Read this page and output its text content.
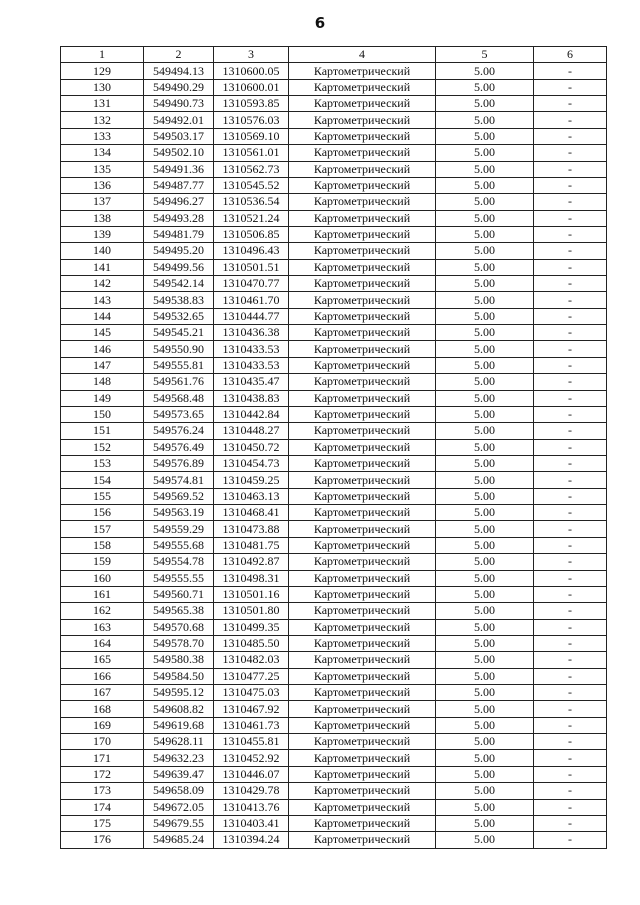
6
1	2	3	4	5	6
129	549494.13	1310600.05	Картометрический	5.00	-
130	549490.29	1310600.01	Картометрический	5.00	-
131	549490.73	1310593.85	Картометрический	5.00	-
132	549492.01	1310576.03	Картометрический	5.00	-
133	549503.17	1310569.10	Картометрический	5.00	-
134	549502.10	1310561.01	Картометрический	5.00	-
135	549491.36	1310562.73	Картометрический	5.00	-
136	549487.77	1310545.52	Картометрический	5.00	-
137	549496.27	1310536.54	Картометрический	5.00	-
138	549493.28	1310521.24	Картометрический	5.00	-
139	549481.79	1310506.85	Картометрический	5.00	-
140	549495.20	1310496.43	Картометрический	5.00	-
141	549499.56	1310501.51	Картометрический	5.00	-
142	549542.14	1310470.77	Картометрический	5.00	-
143	549538.83	1310461.70	Картометрический	5.00	-
144	549532.65	1310444.77	Картометрический	5.00	-
145	549545.21	1310436.38	Картометрический	5.00	-
146	549550.90	1310433.53	Картометрический	5.00	-
147	549555.81	1310433.53	Картометрический	5.00	-
148	549561.76	1310435.47	Картометрический	5.00	-
149	549568.48	1310438.83	Картометрический	5.00	-
150	549573.65	1310442.84	Картометрический	5.00	-
151	549576.24	1310448.27	Картометрический	5.00	-
152	549576.49	1310450.72	Картометрический	5.00	-
153	549576.89	1310454.73	Картометрический	5.00	-
154	549574.81	1310459.25	Картометрический	5.00	-
155	549569.52	1310463.13	Картометрический	5.00	-
156	549563.19	1310468.41	Картометрический	5.00	-
157	549559.29	1310473.88	Картометрический	5.00	-
158	549555.68	1310481.75	Картометрический	5.00	-
159	549554.78	1310492.87	Картометрический	5.00	-
160	549555.55	1310498.31	Картометрический	5.00	-
161	549560.71	1310501.16	Картометрический	5.00	-
162	549565.38	1310501.80	Картометрический	5.00	-
163	549570.68	1310499.35	Картометрический	5.00	-
164	549578.70	1310485.50	Картометрический	5.00	-
165	549580.38	1310482.03	Картометрический	5.00	-
166	549584.50	1310477.25	Картометрический	5.00	-
167	549595.12	1310475.03	Картометрический	5.00	-
168	549608.82	1310467.92	Картометрический	5.00	-
169	549619.68	1310461.73	Картометрический	5.00	-
170	549628.11	1310455.81	Картометрический	5.00	-
171	549632.23	1310452.92	Картометрический	5.00	-
172	549639.47	1310446.07	Картометрический	5.00	-
173	549658.09	1310429.78	Картометрический	5.00	-
174	549672.05	1310413.76	Картометрический	5.00	-
175	549679.55	1310403.41	Картометрический	5.00	-
176	549685.24	1310394.24	Картометрический	5.00	-
